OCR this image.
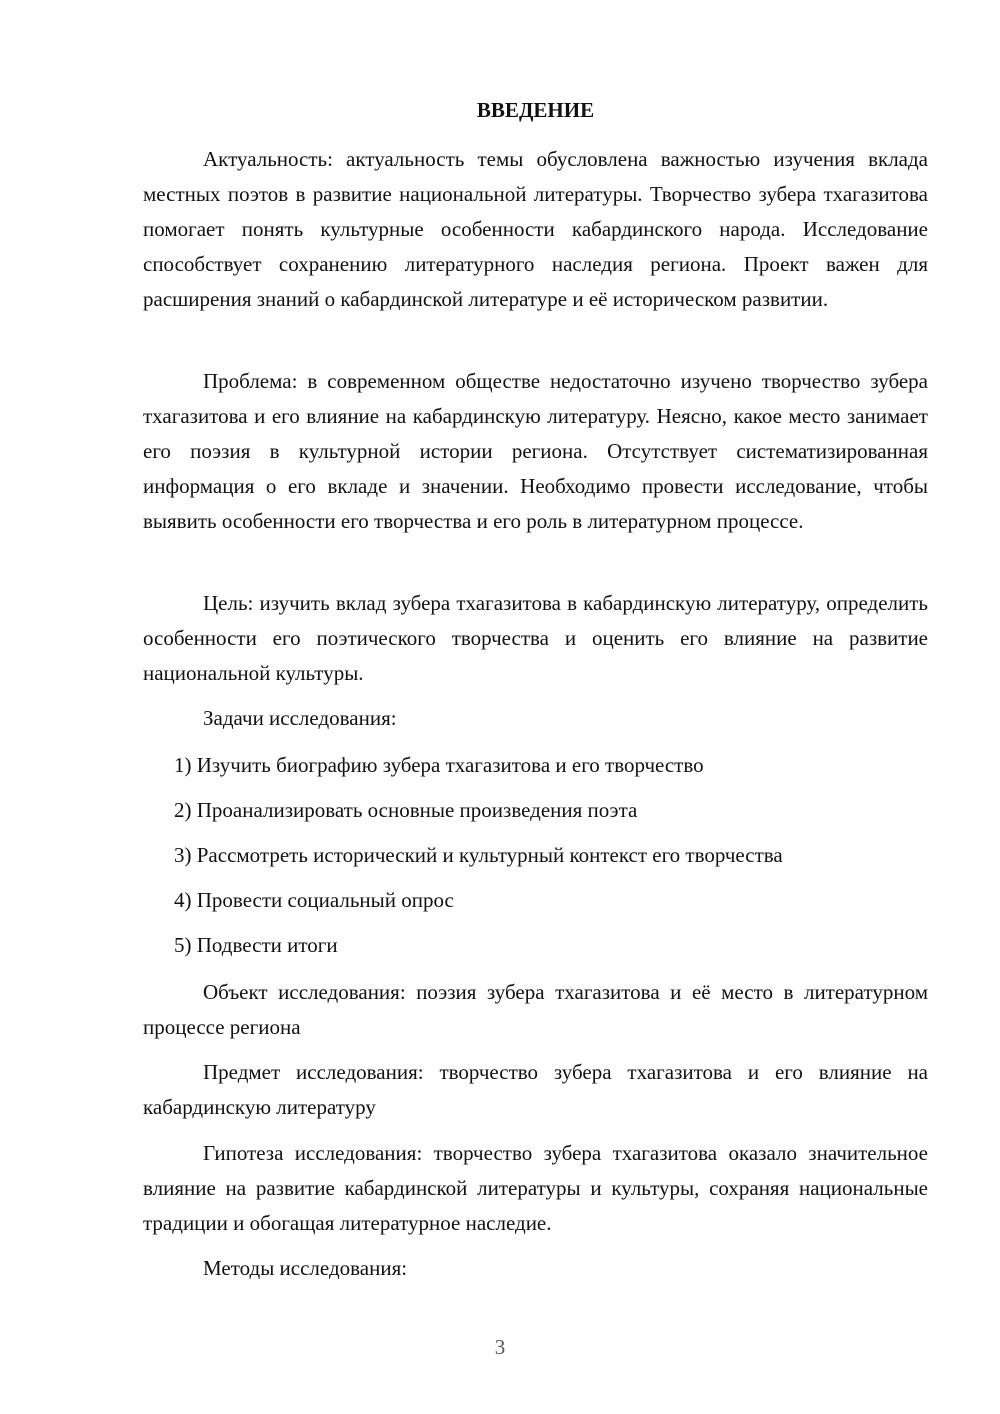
ВВЕДЕНИЕ

Актуальность: актуальность темы обусловлена важностью изучения вклада местных поэтов в развитие национальной литературы. Творчество зубера тхагазитова помогает понять культурные особенности кабардинского народа. Исследование способствует сохранению литературного наследия региона. Проект важен для расширения знаний о кабардинской литературе и её историческом развитии.

Проблема: в современном обществе недостаточно изучено творчество зубера тхагазитова и его влияние на кабардинскую литературу. Неясно, какое место занимает его поэзия в культурной истории региона. Отсутствует систематизированная информация о его вкладе и значении. Необходимо провести исследование, чтобы выявить особенности его творчества и его роль в литературном процессе.

Цель: изучить вклад зубера тхагазитова в кабардинскую литературу, определить особенности его поэтического творчества и оценить его влияние на развитие национальной культуры.

Задачи исследования:

1) Изучить биографию зубера тхагазитова и его творчество

2) Проанализировать основные произведения поэта

3) Рассмотреть исторический и культурный контекст его творчества

4) Провести социальный опрос

5) Подвести итоги

Объект исследования: поэзия зубера тхагазитова и её место в литературном процессе региона

Предмет исследования: творчество зубера тхагазитова и его влияние на кабардинскую литературу

Гипотеза исследования: творчество зубера тхагазитова оказало значительное влияние на развитие кабардинской литературы и культуры, сохраняя национальные традиции и обогащая литературное наследие.

Методы исследования:

3
